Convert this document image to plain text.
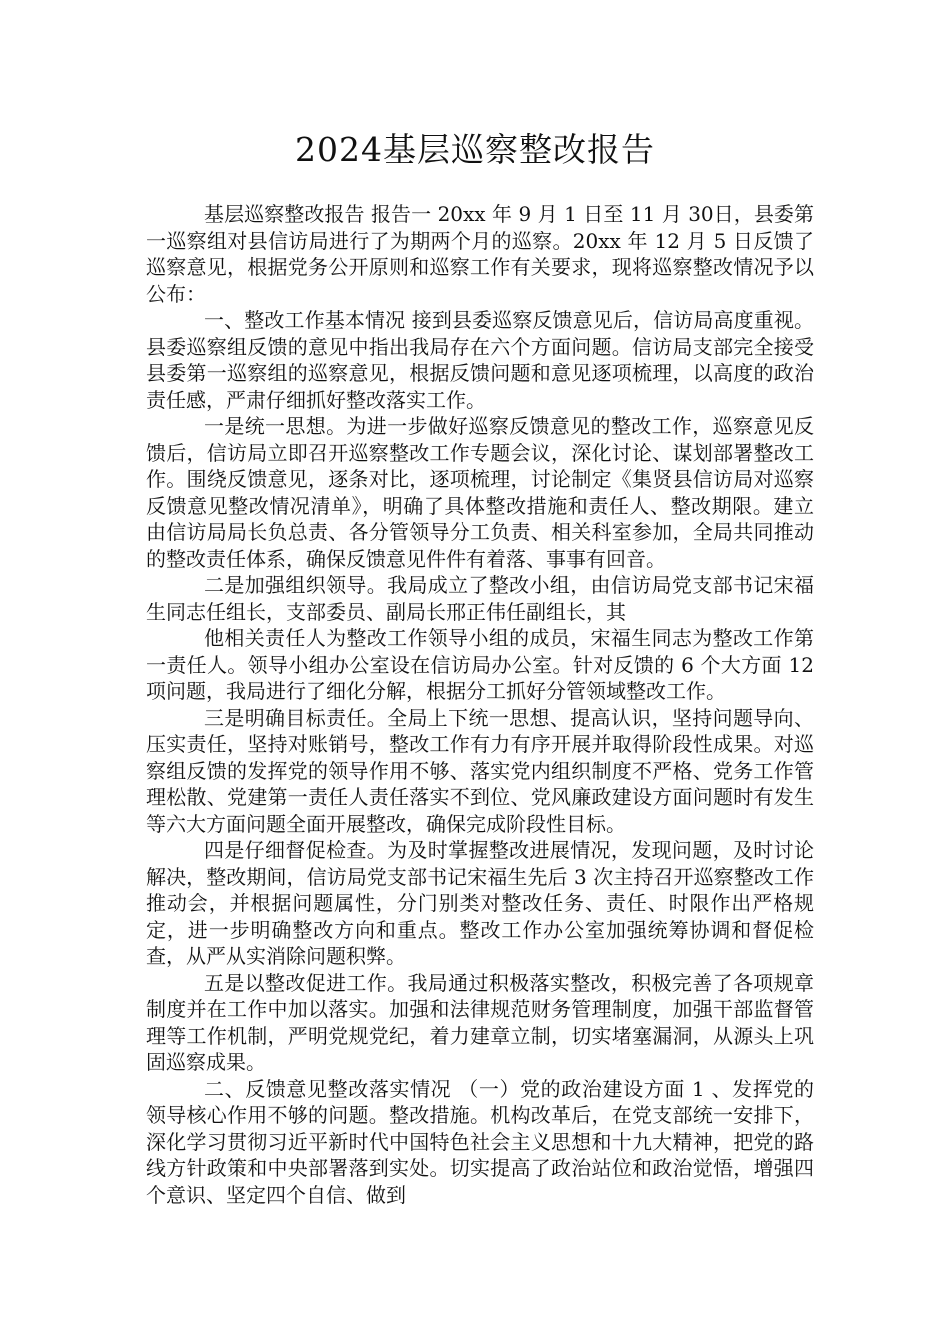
2024基层巡察整改报告

基层巡察整改报告 报告一 20xx 年 9 月 1 日至 11 月 30日，县委第一巡察组对县信访局进行了为期两个月的巡察。20xx 年 12 月 5 日反馈了巡察意见，根据党务公开原则和巡察工作有关要求，现将巡察整改情况予以公布：

一、整改工作基本情况 接到县委巡察反馈意见后，信访局高度重视。县委巡察组反馈的意见中指出我局存在六个方面问题。信访局支部完全接受县委第一巡察组的巡察意见，根据反馈问题和意见逐项梳理，以高度的政治责任感，严肃仔细抓好整改落实工作。

一是统一思想。为进一步做好巡察反馈意见的整改工作，巡察意见反馈后，信访局立即召开巡察整改工作专题会议，深化讨论、谋划部署整改工作。围绕反馈意见，逐条对比，逐项梳理，讨论制定《集贤县信访局对巡察反馈意见整改情况清单》，明确了具体整改措施和责任人、整改期限。建立由信访局局长负总责、各分管领导分工负责、相关科室参加，全局共同推动的整改责任体系，确保反馈意见件件有着落、事事有回音。

二是加强组织领导。我局成立了整改小组，由信访局党支部书记宋福生同志任组长，支部委员、副局长邢正伟任副组长，其

他相关责任人为整改工作领导小组的成员，宋福生同志为整改工作第一责任人。领导小组办公室设在信访局办公室。针对反馈的 6 个大方面 12 项问题，我局进行了细化分解，根据分工抓好分管领域整改工作。

三是明确目标责任。全局上下统一思想、提高认识，坚持问题导向、压实责任，坚持对账销号，整改工作有力有序开展并取得阶段性成果。对巡察组反馈的发挥党的领导作用不够、落实党内组织制度不严格、党务工作管理松散、党建第一责任人责任落实不到位、党风廉政建设方面问题时有发生等六大方面问题全面开展整改，确保完成阶段性目标。

四是仔细督促检查。为及时掌握整改进展情况，发现问题，及时讨论解决，整改期间，信访局党支部书记宋福生先后 3 次主持召开巡察整改工作推动会，并根据问题属性，分门别类对整改任务、责任、时限作出严格规定，进一步明确整改方向和重点。整改工作办公室加强统筹协调和督促检查，从严从实消除问题积弊。

五是以整改促进工作。我局通过积极落实整改，积极完善了各项规章制度并在工作中加以落实。加强和法律规范财务管理制度，加强干部监督管理等工作机制，严明党规党纪，着力建章立制，切实堵塞漏洞，从源头上巩固巡察成果。

二、反馈意见整改落实情况 （一）党的政治建设方面 1 、发挥党的领导核心作用不够的问题。整改措施。机构改革后，在党支部统一安排下，深化学习贯彻习近平新时代中国特色社会主义思想和十九大精神，把党的路线方针政策和中央部署落到实处。切实提高了政治站位和政治觉悟，增强四个意识、坚定四个自信、做到
